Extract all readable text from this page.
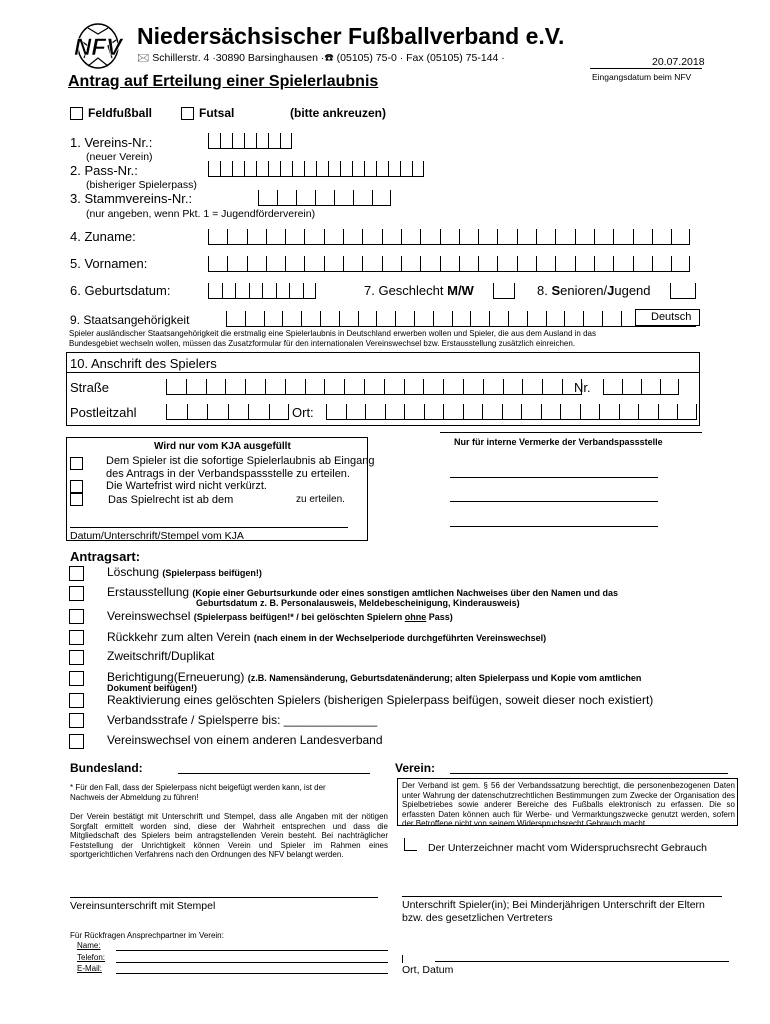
NFV Niedersächsischer Fußballverband e.V.
🖂 Schillerstr. 4 ·30890 Barsinghausen ·☎ (05105) 75-0 · Fax (05105) 75-144 ·	20.07.2018
Eingangsdatum beim NFV
Antrag auf Erteilung einer Spielerlaubnis
Feldfußball	Futsal	(bitte ankreuzen)
1. Vereins-Nr.:
(neuer Verein)
2. Pass-Nr.:
(bisheriger Spielerpass)
3. Stammvereins-Nr.:
(nur angeben, wenn Pkt. 1 = Jugendförderverein)
4. Zuname:
5. Vornamen:
6. Geburtsdatum:	7. Geschlecht M/W	8. Senioren/Jugend
9. Staatsangehörigkeit	Deutsch
Spieler ausländischer Staatsangehörigkeit die erstmalig eine Spielerlaubnis in Deutschland erwerben wollen und Spieler, die aus dem Ausland in das
Bundesgebiet wechseln wollen, müssen das Zusatzformular für den internationalen Vereinswechsel bzw. Erstausstellung zusätzlich einreichen.
10. Anschrift des Spielers
Straße	Nr.
Postleitzahl	Ort:
Wird nur vom KJA ausgefüllt
Dem Spieler ist die sofortige Spielerlaubnis ab Eingang
des Antrags in der Verbandspassstelle zu erteilen.
Die Wartefrist wird nicht verkürzt.
Das Spielrecht ist ab dem	zu erteilen.
Datum/Unterschrift/Stempel vom KJA
Nur für interne Vermerke der Verbandspassstelle
Antragsart:
Löschung (Spielerpass beifügen!)
Erstausstellung (Kopie einer Geburtsurkunde oder eines sonstigen amtlichen Nachweises über den Namen und das
Geburtsdatum z. B. Personalausweis, Meldebescheinigung, Kinderausweis)
Vereinswechsel (Spielerpass beifügen!* / bei gelöschten Spielern ohne Pass)
Rückkehr zum alten Verein (nach einem in der Wechselperiode durchgeführten Vereinswechsel)
Zweitschrift/Duplikat
Berichtigung(Erneuerung) (z.B. Namensänderung, Geburtsdatenänderung; alten Spielerpass und Kopie vom amtlichen
Dokument beifügen!)
Reaktivierung eines gelöschten Spielers (bisherigen Spielerpass beifügen, soweit dieser noch existiert)
Verbandsstrafe / Spielsperre bis: ______________
Vereinswechsel von einem anderen Landesverband
Bundesland:	Verein:
* Für den Fall, dass der Spielerpass nicht beigefügt werden kann, ist der
Nachweis der Abmeldung zu führen!
Der Verein bestätigt mit Unterschrift und Stempel, dass alle Angaben mit der nötigen Sorgfalt ermittelt worden sind, diese der Wahrheit entsprechen und dass die Mitgliedschaft des Spielers beim antragstellenden Verein besteht. Bei nachträglicher Feststellung der Unrichtigkeit können Verein und Spieler im Rahmen eines sportgerichtlichen Verfahrens nach den Ordnungen des NFV belangt werden.
Der Verband ist gem. § 56 der Verbandssatzung berechtigt, die personenbezogenen Daten unter Wahrung der datenschutzrechtlichen Bestimmungen zum Zwecke der Organisation des Spielbetriebes sowie anderer Bereiche des Fußballs elektronisch zu erfassen. Die so erfassten Daten können auch für Werbe- und Vermarktungszwecke genutzt werden, sofern der Betroffene nicht von seinem Widerspruchsrecht Gebrauch macht.
Der Unterzeichner macht vom Widerspruchsrecht Gebrauch
Vereinsunterschrift mit Stempel	Unterschrift Spieler(in); Bei Minderjährigen Unterschrift der Eltern
bzw. des gesetzlichen Vertreters
Für Rückfragen Ansprechpartner im Verein:
Name:
Telefon:
E-Mail:	Ort, Datum
